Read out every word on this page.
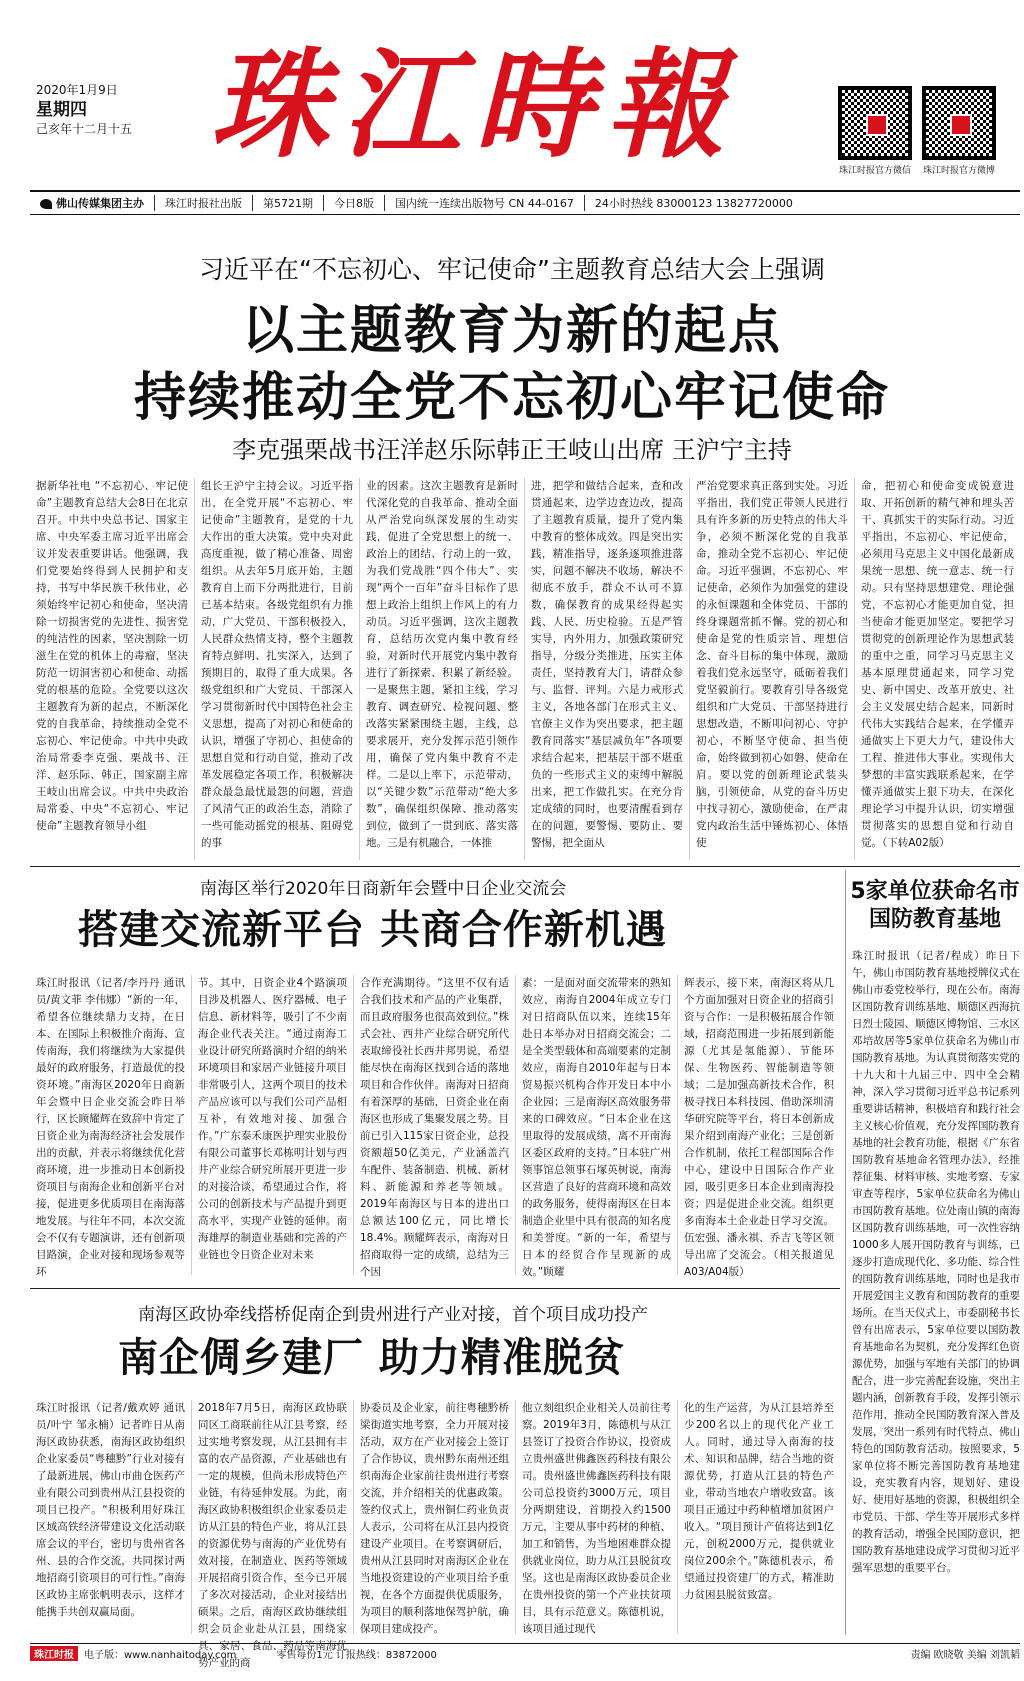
2020年1月9日
星期四
己亥年十二月十五 珠江時報	珠江时报官方微信	珠江时报官方微博
佛山传媒集团主办	珠江时报社出版	第5721期	今日8版	国内统一连续出版物号 CN 44-0167	24小时热线 83000123 13827720000
习近平在“不忘初心、牢记使命”主题教育总结大会上强调
以主题教育为新的起点
持续推动全党不忘初心牢记使命
李克强栗战书汪洋赵乐际韩正王岐山出席 王沪宁主持
据新华社电 “不忘初心、牢记使命”主题教育总结大会8日在北京召开。中共中央总书记、国家主席、中央军委主席习近平出席会议并发表重要讲话。他强调，我们党要始终得到人民拥护和支持，书写中华民族千秋伟业，必须始终牢记初心和使命，坚决清除一切损害党的先进性、损害党的纯洁性的因素，坚决割除一切滋生在党的机体上的毒瘤，坚决防范一切洞害初心和使命、动摇党的根基的危险。全党要以这次主题教育为新的起点，不断深化党的自我革命，持续推动全党不忘初心、牢记使命。中共中央政治局常委李克强、栗战书、汪洋、赵乐际、韩正，国家副主席王岐山出席会议。中共中央政治局常委、中央“不忘初心、牢记使命”主题教育领导小组
组长王沪宁主持会议。习近平指出，在全党开展“不忘初心、牢记使命”主题教育，是党的十九大作出的重大决策。党中央对此高度重视，做了精心准备、周密组织。从去年5月底开始，主题教育自上而下分两批进行，目前已基本结束。各级党组织有力推动，广大党员、干部积极投入，人民群众热情支持，整个主题教育特点鲜明、扎实深入，达到了预期目的，取得了重大成果。各级党组织和广大党员、干部深入学习贯彻新时代中国特色社会主义思想，提高了对初心和使命的认识，增强了守初心、担使命的思想自觉和行动自觉，推动了改革发展稳定各项工作，积极解决群众最急最忧最怨的问题，营造了风清气正的政治生态，消除了一些可能动摇党的根基、阻碍党的事
业的因素。这次主题教育是新时代深化党的自我革命、推动全面从严治党向纵深发展的生动实践，促进了全党思想上的统一、政治上的团结、行动上的一致，为我们党战胜“四个伟大”、实现“两个一百年”奋斗目标作了思想上政治上组织上作风上的有力动员。习近平强调，这次主题教育，总结历次党内集中教育经验，对新时代开展党内集中教育进行了新探索、积累了新经验。一是聚焦主题，紧扣主线，学习教育、调查研究、检视问题、整改落实紧紧围绕主题，主线，总要求展开，充分发挥示范引领作用，确保了党内集中教育不走样。二是以上率下，示范带动，以“关键少数”示范带动“绝大多数”，确保组织保障、推动落实到位，做到了一贯到底、落实落地。三是有机融合，一体推
进，把学和做结合起来，查和改贯通起来，边学边查边改，提高了主题教育质量，提升了党内集中教育的整体成效。四是突出实践，精准指导，逐条逐项推进落实，问题不解决不收场，解决不彻底不放手，群众不认可不算数，确保教育的成果经得起实践、人民、历史检验。五是严管实导，内外用力，加强政策研究指导，分级分类推进，压实主体责任，坚持教育大门，请群众参与、监督、评判。六是力戒形式主义，各地各部门在形式主义、官僚主义作为突出要求，把主题教育同落实“基层减负年”各项要求结合起来，把基层干部不堪重负的一些形式主义的束缚中解脱出来，把工作做扎实。在充分肯定成绩的同时，也要清醒看到存在的问题，要警惕、要防止、要警惕，把全面从
严治党要求真正落到实处。习近平指出，我们党正带领人民进行具有许多新的历史特点的伟大斗争，必须不断深化党的自我革命，推动全党不忘初心、牢记使命。习近平强调，不忘初心、牢记使命，必须作为加强党的建设的永恒课题和全体党员、干部的终身课题常抓不懈。党的初心和使命是党的性质宗旨、理想信念、奋斗目标的集中体现，激励着我们党永远坚守，砥砺着我们党坚毅前行。要教育引导各级党组织和广大党员、干部坚持进行思想改造，不断叩问初心、守护初心，不断坚守使命、担当使命，始终做到初心如磐、使命在肩。要以党的创新理论武装头脑，引领使命，从党的奋斗历史中找寻初心，激励使命，在严肃党内政治生活中锤炼初心、体悟使
命，把初心和使命变成锐意进取、开拓创新的精气神和埋头苦干、真抓实干的实际行动。习近平指出，不忘初心、牢记使命，必须用马克思主义中国化最新成果统一思想、统一意志、统一行动。只有坚持思想建党、理论强党，不忘初心才能更加自觉，担当使命才能更加坚定。要把学习贯彻党的创新理论作为思想武装的重中之重，同学习马克思主义基本原理贯通起来，同学习党史、新中国史、改革开放史、社会主义发展史结合起来，同新时代伟大实践结合起来，在学懂弄通做实上下更大力气，建设伟大工程、推进伟大事业。实现伟大梦想的丰富实践联系起来，在学懂弄通做实上狠下功夫，在深化理论学习中提升认识，切实增强贯彻落实的思想自觉和行动自觉。（下转A02版）
南海区举行2020年日商新年会暨中日企业交流会
搭建交流新平台 共商合作新机遇
珠江时报讯（记者/李丹丹 通讯员/黄文菲 李伟娜）“新的一年，希望各位继续鼎力支持，在日本、在国际上积极推介南海、宣传南海，我们将继续为大家提供最好的政府服务，打造最优的投资环境。”南海区2020年日商新年会暨中日企业交流会昨日举行，区长顾耀辉在致辞中肯定了日资企业为南海经济社会发展作出的贡献，并表示将继续优化营商环境，进一步推动日本创新投资项目与南海企业和创新平台对接，促进更多优质项目在南海落地发展。与往年不同，本次交流会不仅有专题演讲，还有创新项目路演，企业对接和现场参观等环
节。其中，日资企业4个路演项目涉及机器人、医疗器械、电子信息、新材料等，吸引了不少南海企业代表关注。“通过南海工业设计研究所路演时介绍的纳米环境项目和家居产业链接升项目非常吸引人，这两个项目的技术产品应该可以与我们公司产品相互补，有效地对接、加强合作。”广东泰禾康医护理实业股份有限公司董事长邓栋明计划与西井产业综合研究所展开更进一步的对接洽谈，希望通过合作，将公司的创新技术与产品提升到更高水平，实现产业链的延伸。南海雄厚的制造业基础和完善的产业链也令日资企业对未来
合作充满期待。“这里不仅有适合我们技术和产品的产业集群，而且政府服务也很高效到位。”株式会社、西井产业综合研究所代表取缔役社长西井邦男说，希望能尽快在南海区找到合适的落地项目和合作伙伴。南海对日招商有着深厚的基础，日资企业在南海区也形成了集聚发展之势。目前已引入115家日资企业，总投资额超50亿美元，产业涵盖汽车配件、装备制造、机械、新材料、新能源和养老等领域。2019年南海区与日本的进出口总额达100亿元，同比增长18.4%。顾耀辉表示，南海对日招商取得一定的成绩，总结为三个因
素：一是面对面交流带来的熟知效应，南海自2004年成立专门对日招商队伍以来，连续15年赴日本举办对日招商交流会；二是全类型载体和高端要素的定制效应，南海自2010年起与日本贸易振兴机构合作开发日本中小企业园；三是南海区高效服务带来的口碑效应。“日本企业在这里取得的发展成绩，离不开南海区委区政府的支持。”日本驻广州领事馆总领事石塚英树说，南海区营造了良好的营商环境和高效的政务服务，使得南海区在日本制造企业里中具有很高的知名度和美誉度。“新的一年，希望与日本的经贸合作呈现新的成效。”顾耀
辉表示，接下来，南海区将从几个方面加强对日资企业的招商引资与合作：一是积极拓展合作领域，招商范围进一步拓展到新能源（尤其是氢能源）、节能环保、生物医药、智能制造等领域；二是加强高新技术合作，积极寻找日本科技园、借助深圳清华研究院等平台，将日本创新成果介绍到南海产业化；三是创新合作机制，依托工程部国际合作中心，建设中日国际合作产业园，吸引更多日本企业到南海投资；四是促进企业交流。组织更多南海本土企业赴日学习交流。伍宏强、潘永祺、乔吉飞等区领导出席了交流会。（相关报道见A03/A04版）
5家单位获命名市国防教育基地
珠江时报讯（记者/程成）昨日下午，佛山市国防教育基地授牌仪式在佛山市委党校举行，现在公布。南海区国防教育训练基地、顺德区西海抗日烈士陵园、顺德区博物馆、三水区邓培故居等5家单位获命名为佛山市国防教育基地。为认真贯彻落实党的十九大和十九届三中、四中全会精神，深入学习贯彻习近平总书记系列重要讲话精神，积极培育和践行社会主义核心价值观，充分发挥国防教育基地的社会教育功能，根据《广东省国防教育基地命名管理办法》，经推荐征集、材料审核、实地考察、专家审查等程序，5家单位获命名为佛山市国防教育基地。位处南山镇的南海区国防教育训练基地，可一次性容纳1000多人展开国防教育与训练，已逐步打造成现代化、多功能、综合性的国防教育训练基地，同时也是我市开展爱国主义教育和国防教育的重要场所。在当天仪式上，市委副秘书长曾有出席表示，5家单位要以国防教育基地命名为契机，充分发挥红色资源优势，加强与军地有关部门的协调配合，进一步完善配套设施，突出主题内涵，创新教育手段，发挥引领示范作用，推动全民国防教育深入普及发展，突出一系列有时代特点、佛山特色的国防教育活动。按照要求，5家单位将不断完善国防教育基地建设，充实教育内容，规划好、建设好、使用好基地的资源，积极组织全市党员、干部、学生等开展形式多样的教育活动，增强全民国防意识，把国防教育基地建设成学习贯彻习近平强军思想的重要平台。
南海区政协牵线搭桥促南企到贵州进行产业对接，首个项目成功投产
南企倜乡建厂 助力精准脱贫
珠江时报讯（记者/戴欢婷 通讯员/叶宁 邹永楠）记者昨日从南海区政协获悉，南海区政协组织企业家委员“粤穗黔”行业对接有了最新进展，佛山市曲仓医药产业有限公司到贵州从江县投资的项目已投产。“积极利用好珠江区域高铁经济带建设文化活动联席会议的平台，密切与贵州省各州、县的合作交流，共同探讨两地招商引资项目的可行性。”南海区政协主席张帆明表示，这样才能携手共创双赢局面。
2018年7月5日，南海区政协联同区工商联前往从江县考察，经过实地考察发现，从江县拥有丰富的农产品资源，产业基础也有一定的规模，但尚未形成特色产业链，有待延伸发展。为此，南海区政协积极组织企业家委员走访从江县的特色产业，将从江县的资源优势与南海的产业优势有效对接，在制造业、医药等领域开展招商引资合作，至今已开展了多次对接活动，企业对接结出硕果。之后，南海区政协继续组织会员企业赴从江县，围绕家具、家居、食品、药品等南海优势产业的商
协委员及企业家，前往粤穗黔桥梁街道实地考察，全力开展对接活动，双方在产业对接会上签订了合作协议，贵州黔东南州还组织南海企业家前往贵州进行考察交流，并介绍相关的优惠政策。签约仪式上，贵州铜仁药业负责人表示，公司将在从江县内投资建设产业项目。在考察调研后，贵州从江县同时对南海区企业在当地投资建设的产业项目给予重视，在各个方面提供优质服务，为项目的顺利落地保驾护航，确保项目建成投产。
他立刻组织企业相关人员前往考察。2019年3月，陈德机与从江县签订了投资合作协议，投资成立贵州盛世佛鑫医药科技有限公司。贵州盛世佛鑫医药科技有限公司总投资约3000万元，项目分两期建设，首期投入约1500万元，主要从事中药材的种植、加工和销售，为当地困难群众提供就业岗位，助力从江县脱贫攻坚。这也是南海区政协委员企业在贵州投资的第一个产业扶贫项目，具有示范意义。陈德机说，该项目通过现代
化的生产运营，为从江县培养至少200名以上的现代化产业工人。同时，通过导入南海的技术、知识和品牌，结合当地的资源优势，打造从江县的特色产业，带动当地农户增收致富。该项目正通过中药种植增加贫困户收入。“项目预计产值将达到1亿元，创税2000万元，提供就业岗位200余个。”陈德机表示，希望通过投资建厂的方式，精准助力贫困县脱贫致富。
珠江时报	电子版：www.nanhaitoday.com	零售每份1元 订报热线：83872000	责编 欧晓敬 美编 刘凯韬
